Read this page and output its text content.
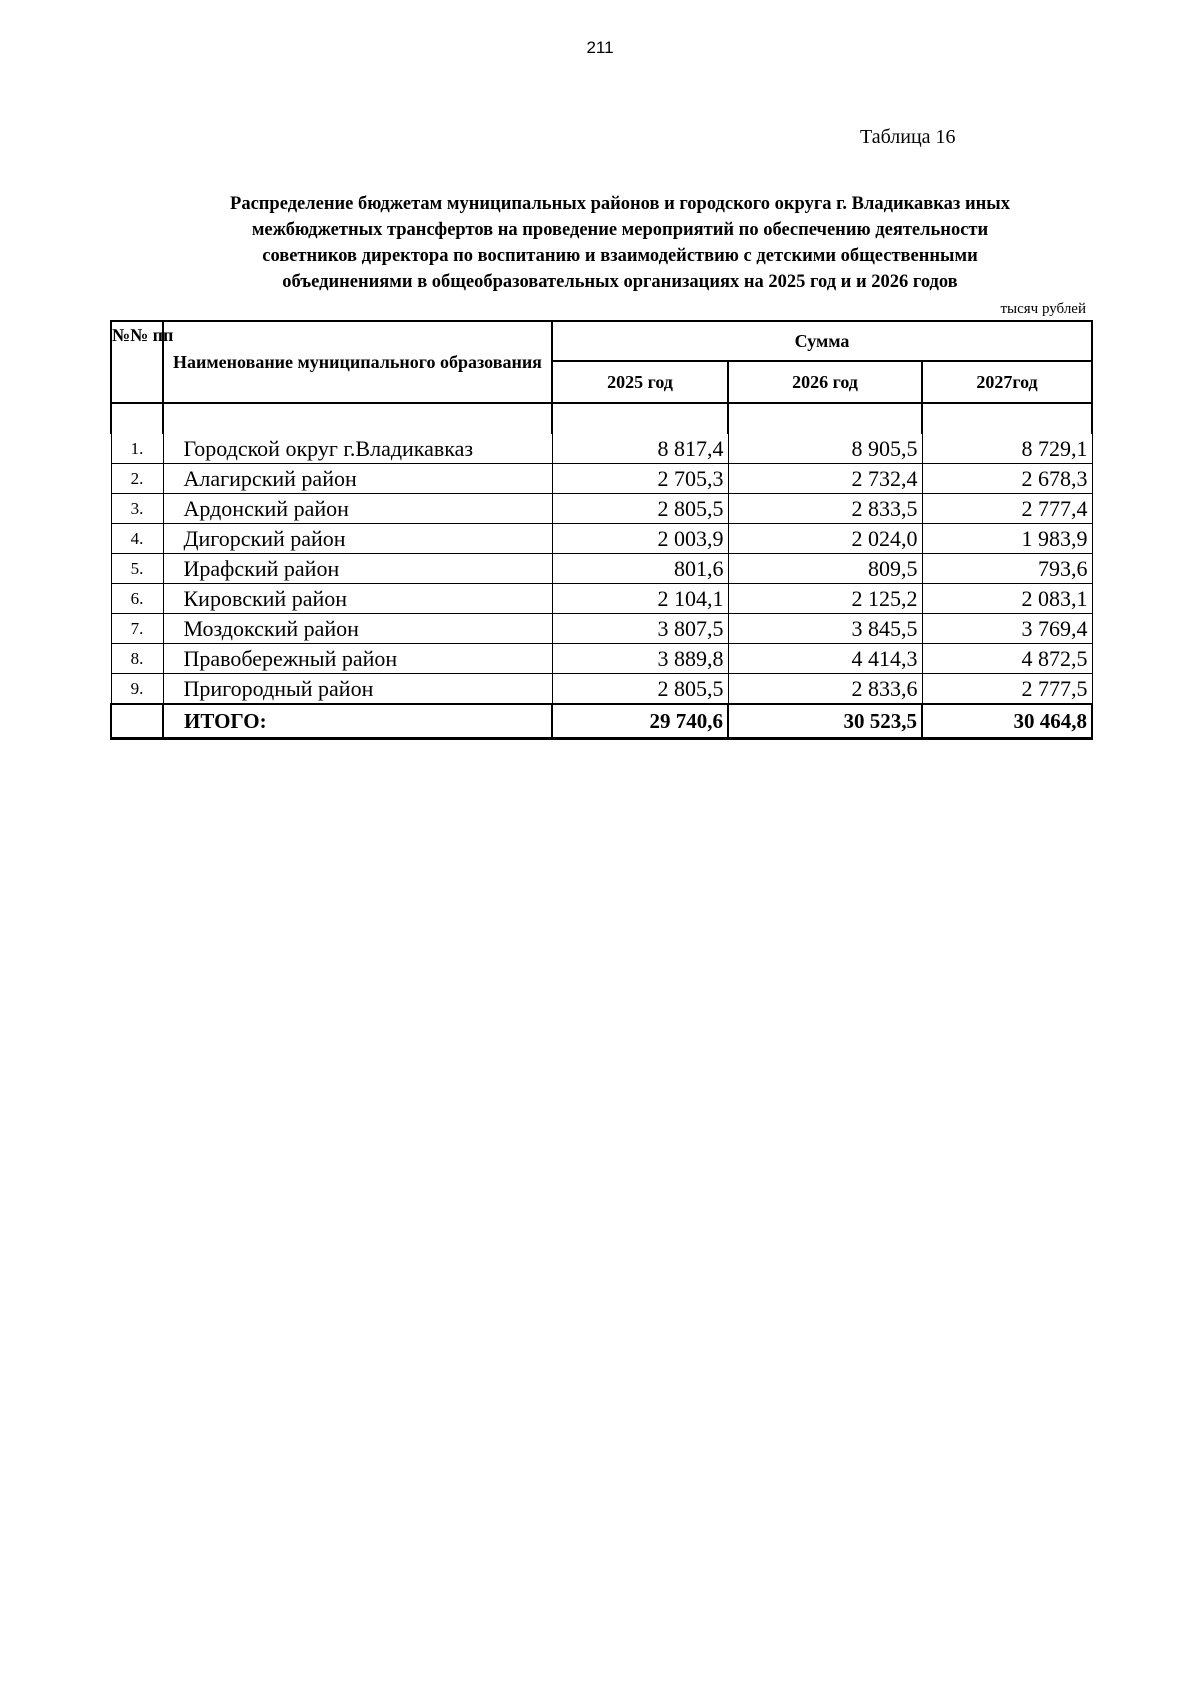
211
Таблица 16
Распределение бюджетам муниципальных районов и городского округа г. Владикавказ иных
межбюджетных трансфертов на проведение мероприятий по обеспечению деятельности
советников директора по воспитанию и взаимодействию с детскими общественными
объединениями в общеобразовательных организациях на 2025 год и и 2026 годов
тысяч рублей
№№ пп	Наименование муниципального образования	Сумма		
		2025 год	2026 год	2027год

1.	Городской округ г.Владикавказ	8 817,4	8 905,5	8 729,1
2.	Алагирский район	2 705,3	2 732,4	2 678,3
3.	Ардонский район	2 805,5	2 833,5	2 777,4
4.	Дигорский район	2 003,9	2 024,0	1 983,9
5.	Ирафский район	801,6	809,5	793,6
6.	Кировский район	2 104,1	2 125,2	2 083,1
7.	Моздокский район	3 807,5	3 845,5	3 769,4
8.	Правобережный район	3 889,8	4 414,3	4 872,5
9.	Пригородный район	2 805,5	2 833,6	2 777,5
	ИТОГО:	29 740,6	30 523,5	30 464,8
